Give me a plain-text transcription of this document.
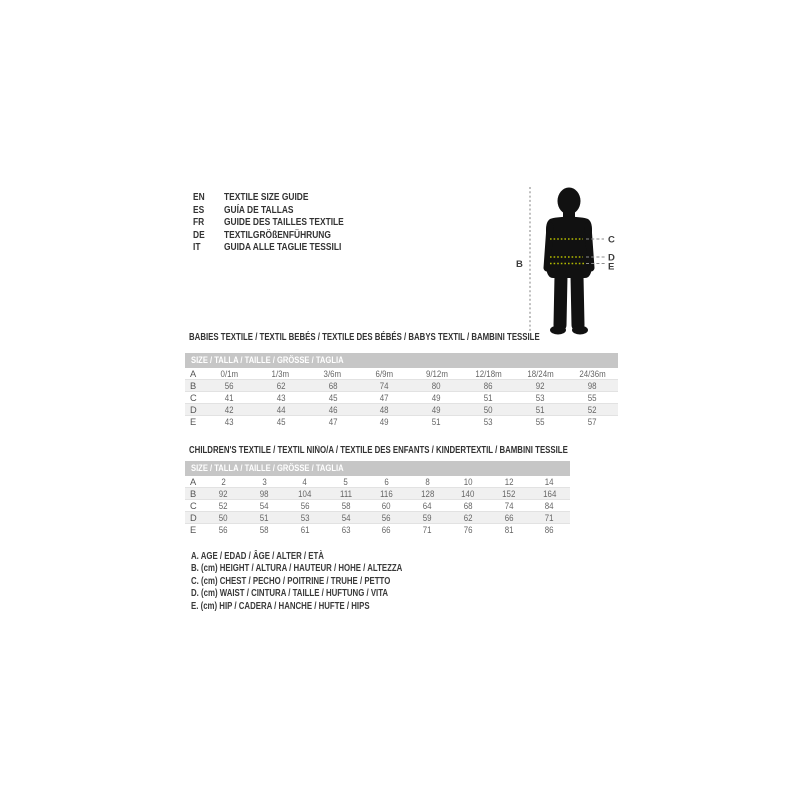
EN	TEXTILE SIZE GUIDE
ES	GUÍA DE TALLAS
FR	GUIDE DES TAILLES TEXTILE
DE	TEXTILGRÖßENFÜHRUNG
IT	GUIDA ALLE TAGLIE TESSILI
B
C
D
E
BABIES TEXTILE / TEXTIL BEBÉS / TEXTILE DES BÉBÉS / BABYS TEXTIL / BAMBINI TESSILE
SIZE / TALLA / TAILLE / GRÖSSE / TAGLIA
A	0/1m	1/3m	3/6m	6/9m	9/12m	12/18m	18/24m	24/36m
B	56	62	68	74	80	86	92	98
C	41	43	45	47	49	51	53	55
D	42	44	46	48	49	50	51	52
E	43	45	47	49	51	53	55	57
CHILDREN'S TEXTILE / TEXTIL NIÑO/A / TEXTILE DES ENFANTS / KINDERTEXTIL / BAMBINI TESSILE
SIZE / TALLA / TAILLE / GRÖSSE / TAGLIA
A	2	3	4	5	6	8	10	12	14
B	92	98	104	111	116	128	140	152	164
C	52	54	56	58	60	64	68	74	84
D	50	51	53	54	56	59	62	66	71
E	56	58	61	63	66	71	76	81	86
A. AGE / EDAD / ÂGE / ALTER / ETÀ
B. (cm) HEIGHT / ALTURA / HAUTEUR / HÖHE / ALTEZZA
C. (cm) CHEST / PECHO / POITRINE / TRUHE / PETTO
D. (cm) WAIST / CINTURA / TAILLE / HÜFTUNG / VITA
E. (cm) HIP / CADERA / HANCHE / HÜFTE / HIPS
